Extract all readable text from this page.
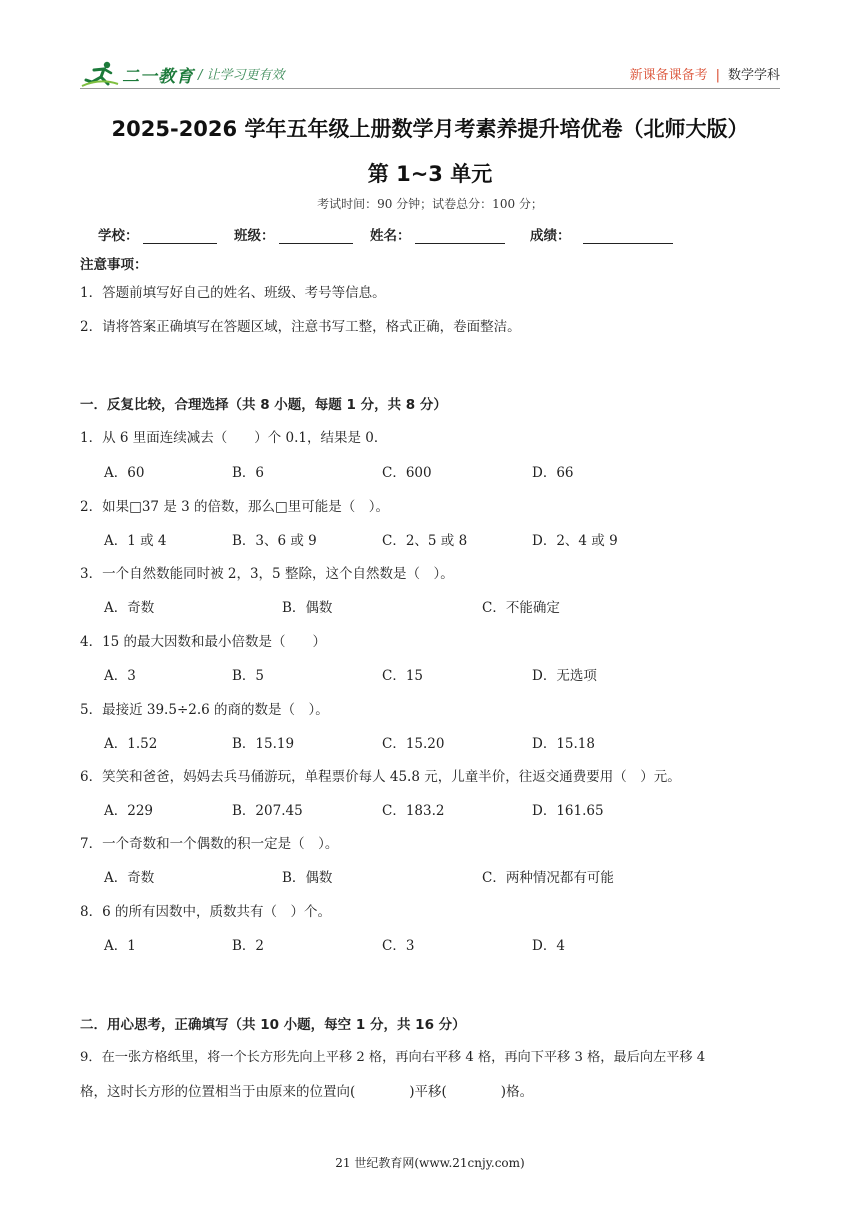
二一教育 / 让学习更有效	新课备课备考 | 数学学科
2025-2026 学年五年级上册数学月考素养提升培优卷（北师大版）
第 1~3 单元
考试时间：90 分钟；试卷总分：100 分；
学校：	班级：	姓名：	成绩：
注意事项：
1．答题前填写好自己的姓名、班级、考号等信息。
2．请将答案正确填写在答题区域，注意书写工整，格式正确，卷面整洁。
一．反复比较，合理选择（共 8 小题，每题 1 分，共 8 分）
1．从 6 里面连续减去（　　）个 0.1，结果是 0．
A．60	B．6	C．600	D．66
2．如果□37 是 3 的倍数，那么□里可能是（　）。
A．1 或 4	B．3、6 或 9	C．2、5 或 8	D．2、4 或 9
3．一个自然数能同时被 2，3，5 整除，这个自然数是（　）。
A．奇数	B．偶数	C．不能确定
4．15 的最大因数和最小倍数是（　　）
A．3	B．5	C．15	D．无选项
5．最接近 39.5÷2.6 的商的数是（　）。
A．1.52	B．15.19	C．15.20	D．15.18
6．笑笑和爸爸，妈妈去兵马俑游玩，单程票价每人 45.8 元，儿童半价，往返交通费要用（　）元。
A．229	B．207.45	C．183.2	D．161.65
7．一个奇数和一个偶数的积一定是（　）。
A．奇数	B．偶数	C．两种情况都有可能
8．6 的所有因数中，质数共有（　）个。
A．1	B．2	C．3	D．4
二．用心思考，正确填写（共 10 小题，每空 1 分，共 16 分）
9．在一张方格纸里，将一个长方形先向上平移 2 格，再向右平移 4 格，再向下平移 3 格，最后向左平移 4
格，这时长方形的位置相当于由原来的位置向(　　　　)平移(　　　　)格。
21 世纪教育网(www.21cnjy.com)
